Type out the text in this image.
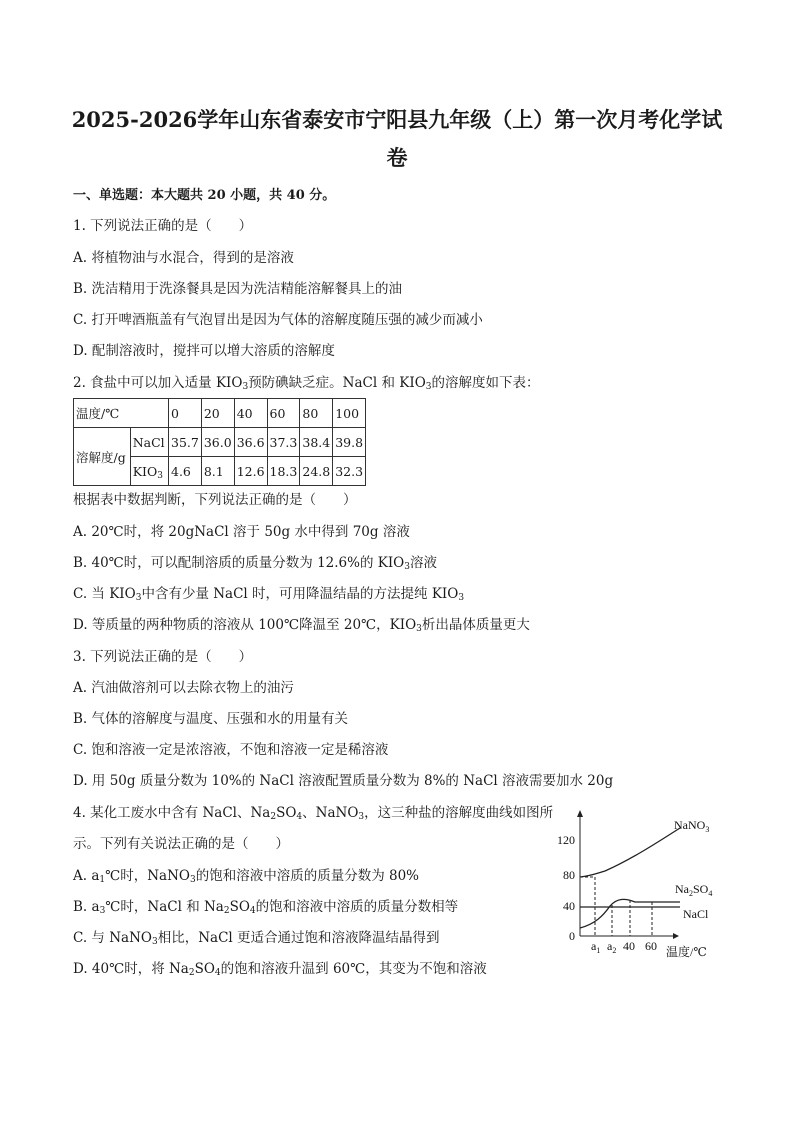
2025-2026学年山东省泰安市宁阳县九年级（上）第一次月考化学试
卷
一、单选题：本大题共 20 小题，共 40 分。
1. 下列说法正确的是（　　）
A. 将植物油与水混合，得到的是溶液
B. 洗洁精用于洗涤餐具是因为洗洁精能溶解餐具上的油
C. 打开啤酒瓶盖有气泡冒出是因为气体的溶解度随压强的减少而减小
D. 配制溶液时，搅拌可以增大溶质的溶解度
2. 食盐中可以加入适量 $KIO_3$预防碘缺乏症。NaCl 和 $KIO_3$的溶解度如下表：
温度/℃		0	20	40	60	80	100
溶解度/g	NaCl	35.7	36.0	36.6	37.3	38.4	39.8
	$KIO_3$	4.6	8.1	12.6	18.3	24.8	32.3
根据表中数据判断，下列说法正确的是（　　）
A. 20℃时，将 20gNaCl 溶于 50g 水中得到 70g 溶液
B. 40℃时，可以配制溶质的质量分数为 12.6%的 $KIO_3$溶液
C. 当 $KIO_3$中含有少量 NaCl 时，可用降温结晶的方法提纯 $KIO_3$
D. 等质量的两种物质的溶液从 100℃降温至 20℃，$KIO_3$析出晶体质量更大
3. 下列说法正确的是（　　）
A. 汽油做溶剂可以去除衣物上的油污
B. 气体的溶解度与温度、压强和水的用量有关
C. 饱和溶液一定是浓溶液，不饱和溶液一定是稀溶液
D. 用 50g 质量分数为 10%的 NaCl 溶液配置质量分数为 8%的 NaCl 溶液需要加水 20g
4. 某化工废水中含有 NaCl、$Na_2SO_4$、NaNO$_3$，这三种盐的溶解度曲线如图所
示。下列有关说法正确的是（　　）
A. $a_1℃$时，NaNO$_3$的饱和溶液中溶质的质量分数为 80%
B. $a_3℃$时，NaCl 和 $Na_2SO_4$的饱和溶液中溶质的质量分数相等
C. 与 NaNO$_3$相比，NaCl 更适合通过饱和溶液降温结晶得到
D. 40℃时，将 $Na_2SO_4$的饱和溶液升温到 60℃，其变为不饱和溶液
120
80
40
0
$a_1$ $a_2$ 40 60 温度/℃
NaNO$_3$
$Na_2SO_4$
NaCl
